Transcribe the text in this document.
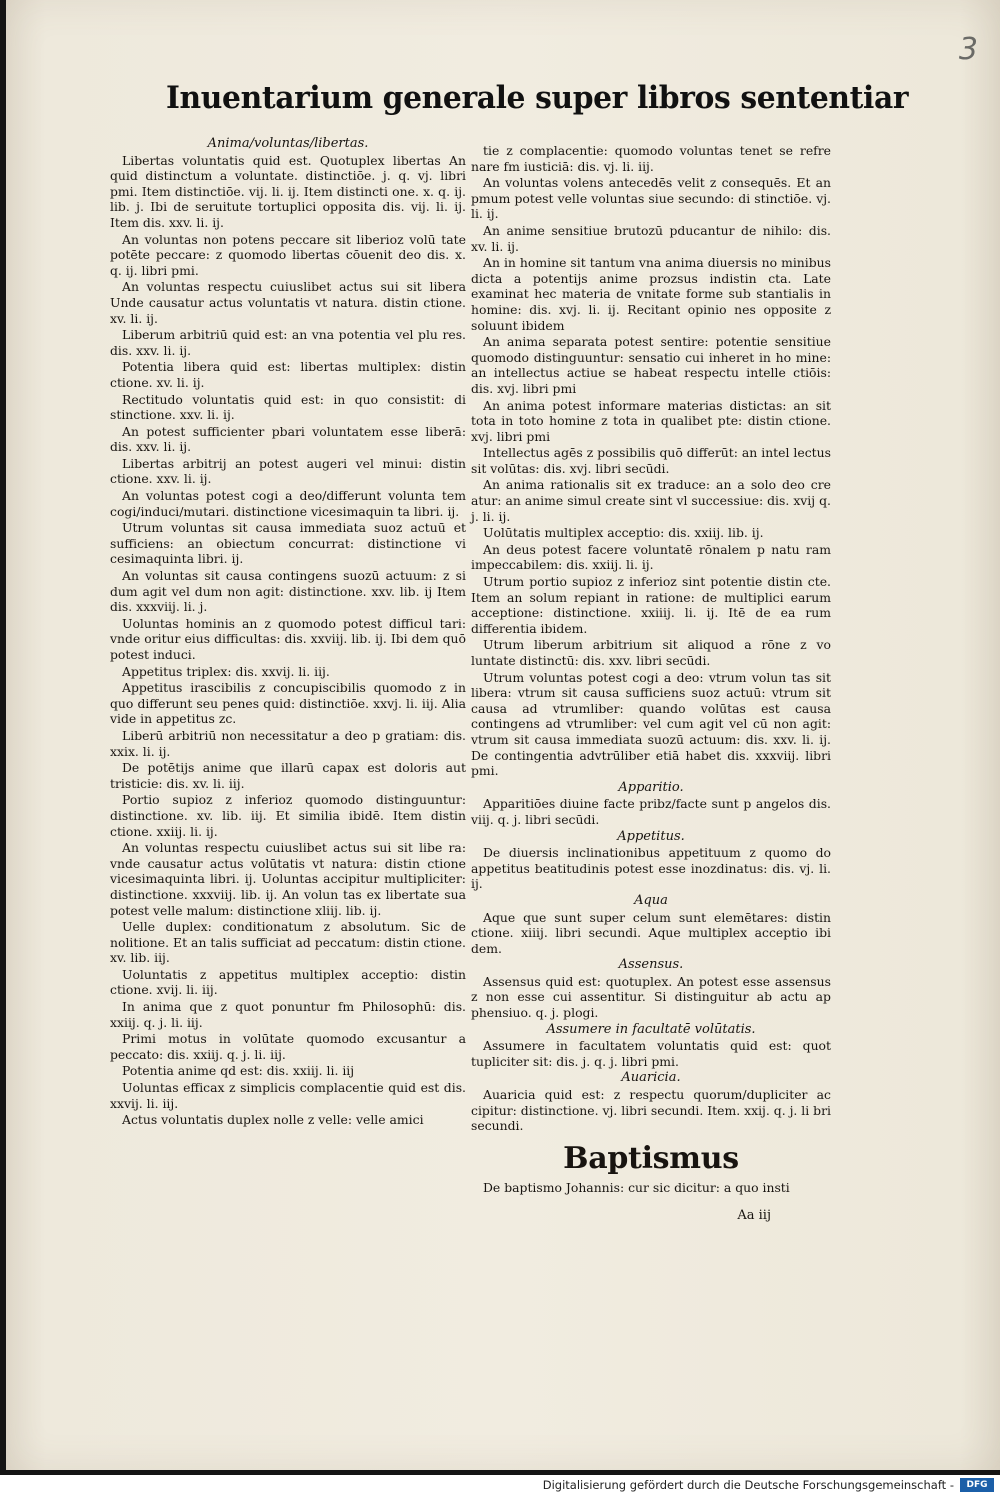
3
Inuentarium generale super libros sententiar

Anima/voluntas/libertas.

Libertas voluntatis quid est. Quotuplex libertas An quid distinctum a voluntate. distinctiōe. j. q. vj. libri pmi. Item distinctiōe. vij. li. ij. Item distincti one. x. q. ij. lib. j. Ibi de seruitute tortuplici opposita dis. vij. li. ij. Item dis. xxv. li. ij.

An voluntas non potens peccare sit liberioz volū tate potēte peccare: z quomodo libertas cōuenit deo dis. x. q. ij. libri pmi.

An voluntas respectu cuiuslibet actus sui sit libera Unde causatur actus voluntatis vt natura. distin ctione. xv. li. ij.

Liberum arbitriū quid est: an vna potentia vel plu res. dis. xxv. li. ij.

Potentia libera quid est: libertas multiplex: distin ctione. xv. li. ij.

Rectitudo voluntatis quid est: in quo consistit: di stinctione. xxv. li. ij.

An potest sufficienter pbari voluntatem esse liberā: dis. xxv. li. ij.

Libertas arbitrij an potest augeri vel minui: distin ctione. xxv. li. ij.

An voluntas potest cogi a deo/differunt volunta tem cogi/induci/mutari. distinctione vicesimaquin ta libri. ij.

Utrum voluntas sit causa immediata suoz actuū et sufficiens: an obiectum concurrat: distinctione vi cesimaquinta libri. ij.

An voluntas sit causa contingens suozū actuum: z si dum agit vel dum non agit: distinctione. xxv. lib. ij Item dis. xxxviij. li. j.

Uoluntas hominis an z quomodo potest difficul tari: vnde oritur eius difficultas: dis. xxviij. lib. ij. Ibi dem quō potest induci.

Appetitus triplex: dis. xxvij. li. iij.

Appetitus irascibilis z concupiscibilis quomodo z in quo differunt seu penes quid: distinctiōe. xxvj. li. iij. Alia vide in appetitus zc.

Liberū arbitriū non necessitatur a deo p gratiam: dis. xxix. li. ij.

De potētijs anime que illarū capax est doloris aut tristicie: dis. xv. li. iij.

Portio supioz z inferioz quomodo distinguuntur: distinctione. xv. lib. iij. Et similia ibidē. Item distin ctione. xxiij. li. ij.

An voluntas respectu cuiuslibet actus sui sit libe ra: vnde causatur actus volūtatis vt natura: distin ctione vicesimaquinta libri. ij. Uoluntas accipitur multipliciter: distinctione. xxxviij. lib. ij. An volun tas ex libertate sua potest velle malum: distinctione xliij. lib. ij.

Uelle duplex: conditionatum z absolutum. Sic de nolitione. Et an talis sufficiat ad peccatum: distin ctione. xv. lib. iij.

Uoluntatis z appetitus multiplex acceptio: distin ctione. xvij. li. iij.

In anima que z quot ponuntur fm Philosophū: dis. xxiij. q. j. li. iij.

Primi motus in volūtate quomodo excusantur a peccato: dis. xxiij. q. j. li. iij.

Potentia anime qd est: dis. xxiij. li. iij

Uoluntas efficax z simplicis complacentie quid est dis. xxvij. li. iij.

Actus voluntatis duplex nolle z velle: velle amici

tie z complacentie: quomodo voluntas tenet se refre nare fm iusticiā: dis. vj. li. iij.

An voluntas volens antecedēs velit z consequēs. Et an pmum potest velle voluntas siue secundo: di stinctiōe. vj. li. ij.

An anime sensitiue brutozū pducantur de nihilo: dis. xv. li. ij.

An in homine sit tantum vna anima diuersis no minibus dicta a potentijs anime prozsus indistin cta. Late examinat hec materia de vnitate forme sub stantialis in homine: dis. xvj. li. ij. Recitant opinio nes opposite z soluunt ibidem

An anima separata potest sentire: potentie sensitiue quomodo distinguuntur: sensatio cui inheret in ho mine: an intellectus actiue se habeat respectu intelle ctiōis: dis. xvj. libri pmi

An anima potest informare materias distictas: an sit tota in toto homine z tota in qualibet pte: distin ctione. xvj. libri pmi

Intellectus agēs z possibilis quō differūt: an intel lectus sit volūtas: dis. xvj. libri secūdi.

An anima rationalis sit ex traduce: an a solo deo cre atur: an anime simul create sint vl successiue: dis. xvij q. j. li. ij.

Uolūtatis multiplex acceptio: dis. xxiij. lib. ij.

An deus potest facere voluntatē rōnalem p natu ram impeccabilem: dis. xxiij. li. ij.

Utrum portio supioz z inferioz sint potentie distin cte. Item an solum repiant in ratione: de multiplici earum acceptione: distinctione. xxiiij. li. ij. Itē de ea rum differentia ibidem.

Utrum liberum arbitrium sit aliquod a rōne z vo luntate distinctū: dis. xxv. libri secūdi.

Utrum voluntas potest cogi a deo: vtrum volun tas sit libera: vtrum sit causa sufficiens suoz actuū: vtrum sit causa ad vtrumliber: quando volūtas est causa contingens ad vtrumliber: vel cum agit vel cū non agit: vtrum sit causa immediata suozū actuum: dis. xxv. li. ij. De contingentia advtrūliber etiā habet dis. xxxviij. libri pmi.

Apparitio.

Apparitiōes diuine facte pribz/facte sunt p angelos dis. viij. q. j. libri secūdi.

Appetitus.

De diuersis inclinationibus appetituum z quomo do appetitus beatitudinis potest esse inozdinatus: dis. vj. li. ij.

Aqua

Aque que sunt super celum sunt elemētares: distin ctione. xiiij. libri secundi. Aque multiplex acceptio ibi dem.

Assensus.

Assensus quid est: quotuplex. An potest esse assensus z non esse cui assentitur. Si distinguitur ab actu ap phensiuo. q. j. plogi.

Assumere in facultatē volūtatis.

Assumere in facultatem voluntatis quid est: quot tupliciter sit: dis. j. q. j. libri pmi.

Auaricia.

Auaricia quid est: z respectu quorum/dupliciter ac cipitur: distinctione. vj. libri secundi. Item. xxij. q. j. li bri secundi.

Baptismus

De baptismo Johannis: cur sic dicitur: a quo insti

Aa iij

Digitalisierung gefördert durch die Deutsche Forschungsgemeinschaft -	DFG
